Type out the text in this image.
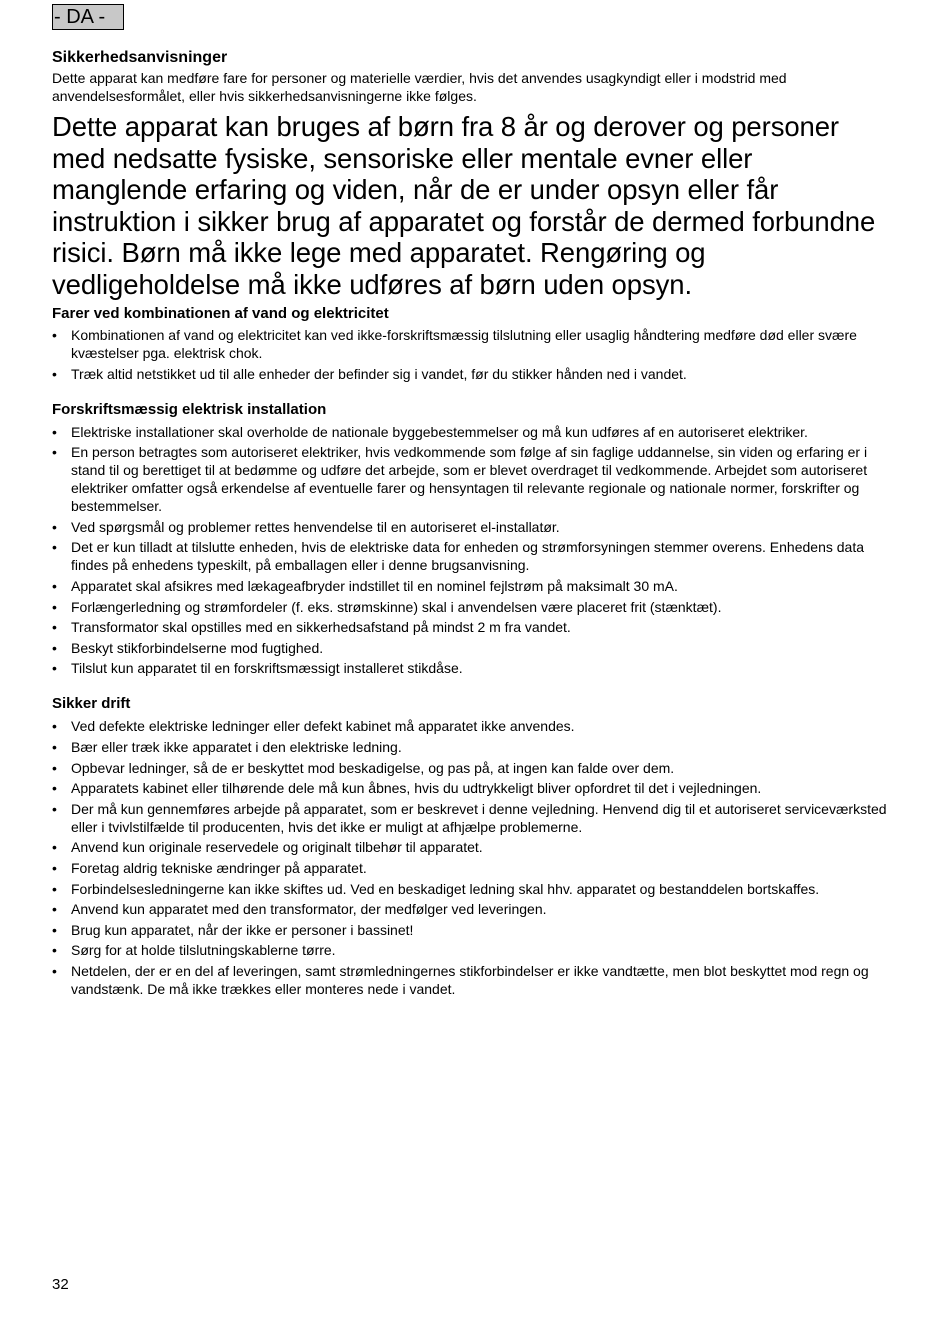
- DA -
Sikkerhedsanvisninger

Dette apparat kan medføre fare for personer og materielle værdier, hvis det anvendes usagkyndigt eller i modstrid med anvendelsesformålet, eller hvis sikkerhedsanvisningerne ikke følges.

Dette apparat kan bruges af børn fra 8 år og derover og personer med nedsatte fysiske, sensoriske eller mentale evner eller manglende erfaring og viden, når de er under opsyn eller får instruktion i sikker brug af apparatet og forstår de dermed forbundne risici. Børn må ikke lege med apparatet. Rengøring og vedligeholdelse må ikke udføres af børn uden opsyn.

Farer ved kombinationen af vand og elektricitet
• Kombinationen af vand og elektricitet kan ved ikke-forskriftsmæssig tilslutning eller usaglig håndtering medføre død eller svære kvæstelser pga. elektrisk chok.
• Træk altid netstikket ud til alle enheder der befinder sig i vandet, før du stikker hånden ned i vandet.
Forskriftsmæssig elektrisk installation
• Elektriske installationer skal overholde de nationale byggebestemmelser og må kun udføres af en autoriseret elektriker.
• En person betragtes som autoriseret elektriker, hvis vedkommende som følge af sin faglige uddannelse, sin viden og erfaring er i stand til og berettiget til at bedømme og udføre det arbejde, som er blevet overdraget til vedkommende. Arbejdet som autoriseret elektriker omfatter også erkendelse af eventuelle farer og hensyntagen til relevante regionale og nationale normer, forskrifter og bestemmelser.
• Ved spørgsmål og problemer rettes henvendelse til en autoriseret el-installatør.
• Det er kun tilladt at tilslutte enheden, hvis de elektriske data for enheden og strømforsyningen stemmer overens. Enhedens data findes på enhedens typeskilt, på emballagen eller i denne brugsanvisning.
• Apparatet skal afsikres med lækageafbryder indstillet til en nominel fejlstrøm på maksimalt 30 mA.
• Forlængerledning og strømfordeler (f. eks. strømskinne) skal i anvendelsen være placeret frit (stænktæt).
• Transformator skal opstilles med en sikkerhedsafstand på mindst 2 m fra vandet.
• Beskyt stikforbindelserne mod fugtighed.
• Tilslut kun apparatet til en forskriftsmæssigt installeret stikdåse.
Sikker drift
• Ved defekte elektriske ledninger eller defekt kabinet må apparatet ikke anvendes.
• Bær eller træk ikke apparatet i den elektriske ledning.
• Opbevar ledninger, så de er beskyttet mod beskadigelse, og pas på, at ingen kan falde over dem.
• Apparatets kabinet eller tilhørende dele må kun åbnes, hvis du udtrykkeligt bliver opfordret til det i vejledningen.
• Der må kun gennemføres arbejde på apparatet, som er beskrevet i denne vejledning. Henvend dig til et autoriseret serviceværksted eller i tvivlstilfælde til producenten, hvis det ikke er muligt at afhjælpe problemerne.
• Anvend kun originale reservedele og originalt tilbehør til apparatet.
• Foretag aldrig tekniske ændringer på apparatet.
• Forbindelsesledningerne kan ikke skiftes ud. Ved en beskadiget ledning skal hhv. apparatet og bestanddelen bortskaffes.
• Anvend kun apparatet med den transformator, der medfølger ved leveringen.
• Brug kun apparatet, når der ikke er personer i bassinet!
• Sørg for at holde tilslutningskablerne tørre.
• Netdelen, der er en del af leveringen, samt strømledningernes stikforbindelser er ikke vandtætte, men blot beskyttet mod regn og vandstænk. De må ikke trækkes eller monteres nede i vandet.
32
